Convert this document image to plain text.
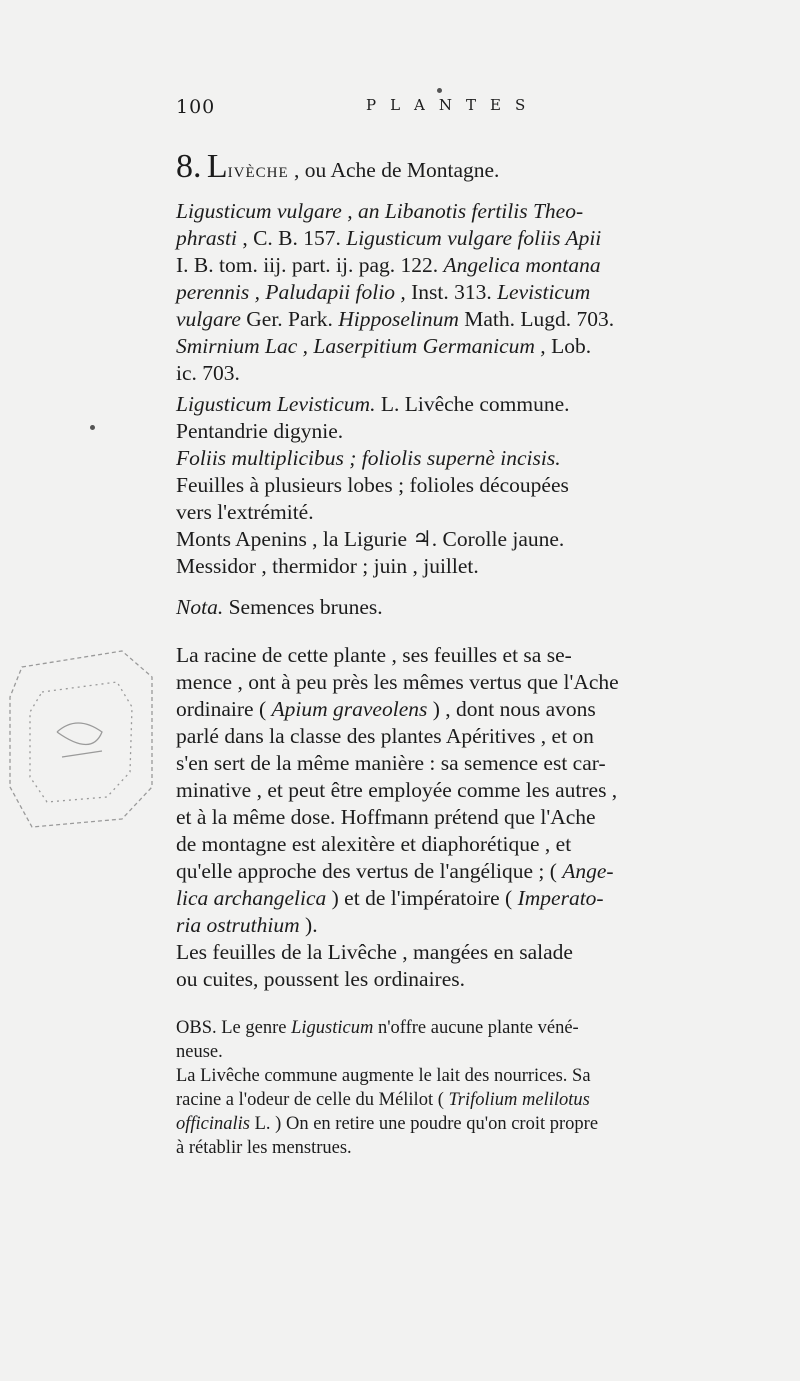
100	PLANTES
8. LIVÈCHE , ou Ache de Montagne.
Ligusticum vulgare , an Libanotis fertilis Theo-
phrasti , C. B. 157. Ligusticum vulgare foliis Apii
I. B. tom. iij. part. ij. pag. 122. Angelica montana
perennis , Paludapii folio , Inst. 313. Levisticum
vulgare Ger. Park. Hipposelinum Math. Lugd. 703.
Smirnium Lac , Laserpitium Germanicum , Lob.
ic. 703.
Ligusticum Levisticum. L. Livêche commune.
Pentandrie digynie.
Foliis multiplicibus ; foliolis supernè incisis.
Feuilles à plusieurs lobes ; folioles découpées
vers l'extrémité.
Monts Apenins , la Ligurie ♃. Corolle jaune.
Messidor , thermidor ; juin , juillet.
Nota. Semences brunes.
La racine de cette plante , ses feuilles et sa se-
mence , ont à peu près les mêmes vertus que l'Ache
ordinaire ( Apium graveolens ) , dont nous avons
parlé dans la classe des plantes Apéritives , et on
s'en sert de la même manière : sa semence est car-
minative , et peut être employée comme les autres ,
et à la même dose. Hoffmann prétend que l'Ache
de montagne est alexitère et diaphorétique , et
qu'elle approche des vertus de l'angélique ; ( Ange-
lica archangelica ) et de l'impératoire ( Imperato-
ria ostruthium ).
Les feuilles de la Livêche , mangées en salade
ou cuites, poussent les ordinaires.
OBS. Le genre Ligusticum n'offre aucune plante véné-
neuse.
La Livêche commune augmente le lait des nourrices. Sa
racine a l'odeur de celle du Mélilot ( Trifolium melilotus
officinalis L. ) On en retire une poudre qu'on croit propre
à rétablir les menstrues.
